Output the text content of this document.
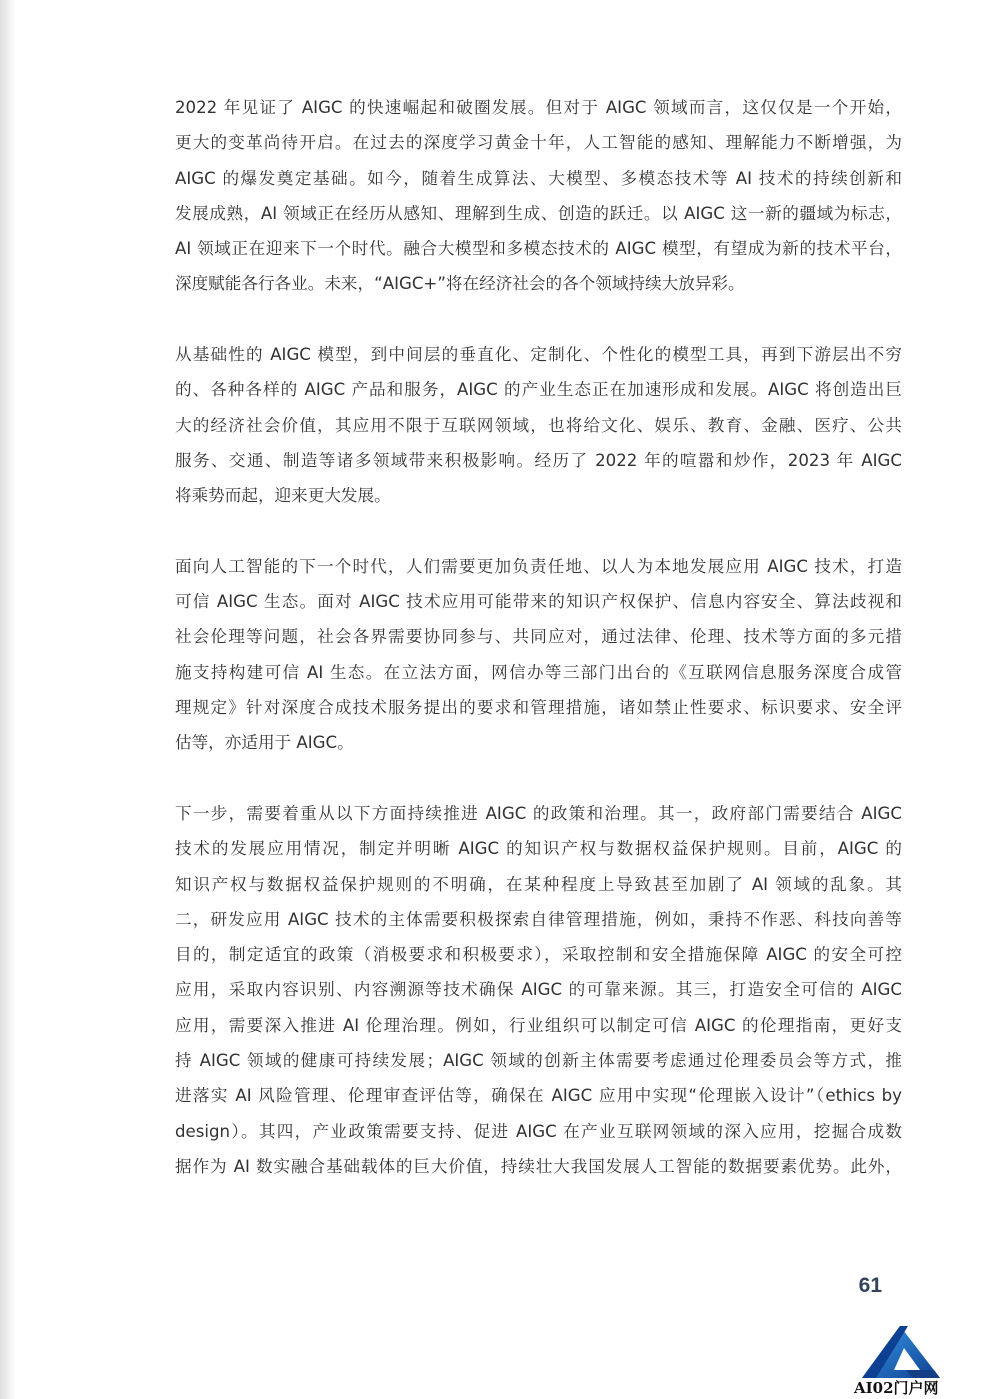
2022 年见证了 AIGC 的快速崛起和破圈发展。但对于 AIGC 领域而言，这仅仅是一个开始，
更大的变革尚待开启。在过去的深度学习黄金十年，人工智能的感知、理解能力不断增强，为
AIGC 的爆发奠定基础。如今，随着生成算法、大模型、多模态技术等 AI 技术的持续创新和
发展成熟，AI 领域正在经历从感知、理解到生成、创造的跃迁。以 AIGC 这一新的疆域为标志，
AI 领域正在迎来下一个时代。融合大模型和多模态技术的 AIGC 模型，有望成为新的技术平台，
深度赋能各行各业。未来，“AIGC+”将在经济社会的各个领域持续大放异彩。
从基础性的 AIGC 模型，到中间层的垂直化、定制化、个性化的模型工具，再到下游层出不穷
的、各种各样的 AIGC 产品和服务，AIGC 的产业生态正在加速形成和发展。AIGC 将创造出巨
大的经济社会价值，其应用不限于互联网领域，也将给文化、娱乐、教育、金融、医疗、公共
服务、交通、制造等诸多领域带来积极影响。经历了 2022 年的喧嚣和炒作，2023 年 AIGC
将乘势而起，迎来更大发展。
面向人工智能的下一个时代，人们需要更加负责任地、以人为本地发展应用 AIGC 技术，打造
可信 AIGC 生态。面对 AIGC 技术应用可能带来的知识产权保护、信息内容安全、算法歧视和
社会伦理等问题，社会各界需要协同参与、共同应对，通过法律、伦理、技术等方面的多元措
施支持构建可信 AI 生态。在立法方面，网信办等三部门出台的《互联网信息服务深度合成管
理规定》针对深度合成技术服务提出的要求和管理措施，诸如禁止性要求、标识要求、安全评
估等，亦适用于 AIGC。
下一步，需要着重从以下方面持续推进 AIGC 的政策和治理。其一，政府部门需要结合 AIGC
技术的发展应用情况，制定并明晰 AIGC 的知识产权与数据权益保护规则。目前，AIGC 的
知识产权与数据权益保护规则的不明确，在某种程度上导致甚至加剧了 AI 领域的乱象。其
二，研发应用 AIGC 技术的主体需要积极探索自律管理措施，例如，秉持不作恶、科技向善等
目的，制定适宜的政策（消极要求和积极要求），采取控制和安全措施保障 AIGC 的安全可控
应用，采取内容识别、内容溯源等技术确保 AIGC 的可靠来源。其三，打造安全可信的 AIGC
应用，需要深入推进 AI 伦理治理。例如，行业组织可以制定可信 AIGC 的伦理指南，更好支
持 AIGC 领域的健康可持续发展；AIGC 领域的创新主体需要考虑通过伦理委员会等方式，推
进落实 AI 风险管理、伦理审查评估等，确保在 AIGC 应用中实现“伦理嵌入设计”（ethics by
design）。其四，产业政策需要支持、促进 AIGC 在产业互联网领域的深入应用，挖掘合成数
据作为 AI 数实融合基础载体的巨大价值，持续壮大我国发展人工智能的数据要素优势。此外，
61
AI02门户网
